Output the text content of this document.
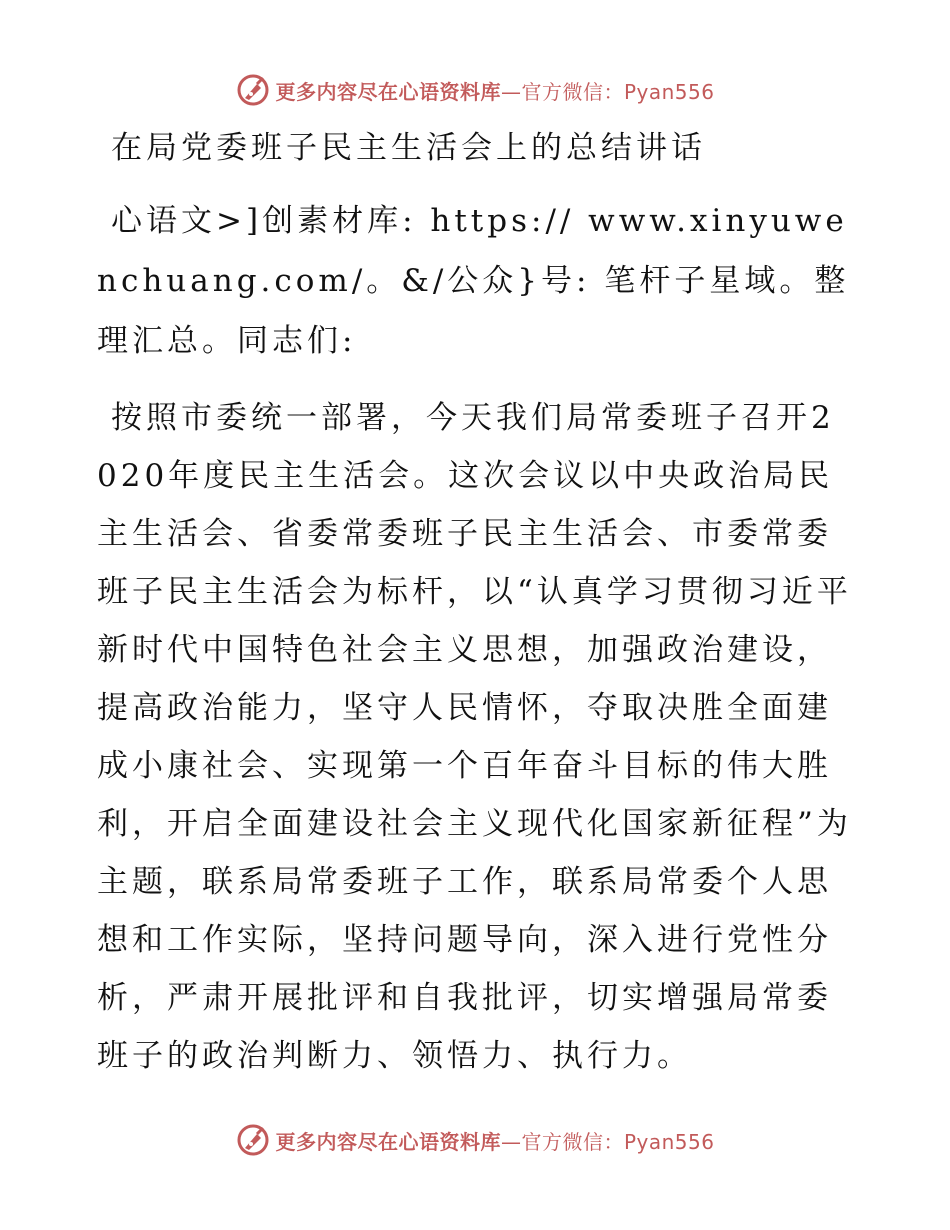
更多内容尽在心语资料库—官方微信：Pyan556
在局党委班子民主生活会上的总结讲话

心语文>]创素材库: https:// www.xinyuwenchuang.com/。&/公众}号: 笔杆子星域。整理汇总。同志们:

按照市委统一部署，今天我们局常委班子召开2020年度民主生活会。这次会议以中央政治局民主生活会、省委常委班子民主生活会、市委常委班子民主生活会为标杆，以“认真学习贯彻习近平新时代中国特色社会主义思想，加强政治建设，提高政治能力，坚守人民情怀，夺取决胜全面建成小康社会、实现第一个百年奋斗目标的伟大胜利，开启全面建设社会主义现代化国家新征程”为主题，联系局常委班子工作，联系局常委个人思想和工作实际，坚持问题导向，深入进行党性分析，严肃开展批评和自我批评，切实增强局常委班子的政治判断力、领悟力、执行力。

更多内容尽在心语资料库—官方微信：Pyan556
